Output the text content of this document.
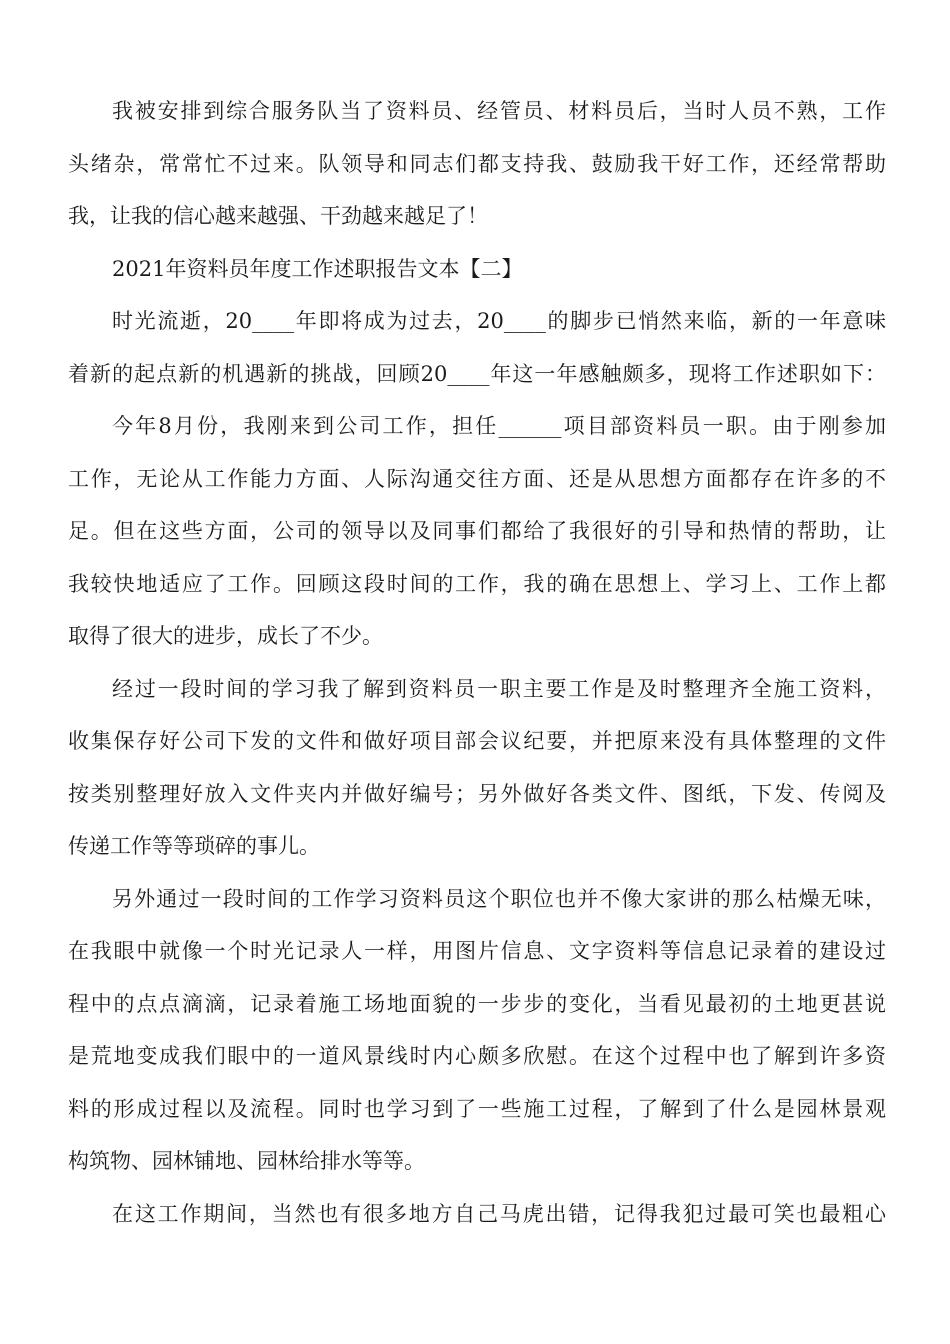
我被安排到综合服务队当了资料员、经管员、材料员后，当时人员不熟，工作
头绪杂，常常忙不过来。队领导和同志们都支持我、鼓励我干好工作，还经常帮助
我，让我的信心越来越强、干劲越来越足了！
2021年资料员年度工作述职报告文本【二】
时光流逝，20____年即将成为过去，20____的脚步已悄然来临，新的一年意味
着新的起点新的机遇新的挑战，回顾20____年这一年感触颇多，现将工作述职如下：
今年8月份，我刚来到公司工作，担任______项目部资料员一职。由于刚参加
工作，无论从工作能力方面、人际沟通交往方面、还是从思想方面都存在许多的不
足。但在这些方面，公司的领导以及同事们都给了我很好的引导和热情的帮助，让
我较快地适应了工作。回顾这段时间的工作，我的确在思想上、学习上、工作上都
取得了很大的进步，成长了不少。
经过一段时间的学习我了解到资料员一职主要工作是及时整理齐全施工资料，
收集保存好公司下发的文件和做好项目部会议纪要，并把原来没有具体整理的文件
按类别整理好放入文件夹内并做好编号；另外做好各类文件、图纸，下发、传阅及
传递工作等等琐碎的事儿。
另外通过一段时间的工作学习资料员这个职位也并不像大家讲的那么枯燥无味，
在我眼中就像一个时光记录人一样，用图片信息、文字资料等信息记录着的建设过
程中的点点滴滴，记录着施工场地面貌的一步步的变化，当看见最初的土地更甚说
是荒地变成我们眼中的一道风景线时内心颇多欣慰。在这个过程中也了解到许多资
料的形成过程以及流程。同时也学习到了一些施工过程，了解到了什么是园林景观
构筑物、园林铺地、园林给排水等等。
在这工作期间，当然也有很多地方自己马虎出错，记得我犯过最可笑也最粗心
